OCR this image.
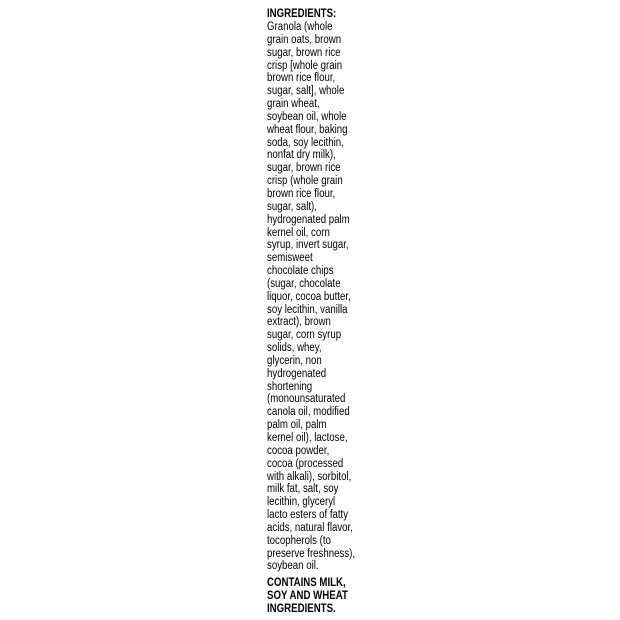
INGREDIENTS:
Granola (whole
grain oats, brown
sugar, brown rice
crisp [whole grain
brown rice flour,
sugar, salt], whole
grain wheat,
soybean oil, whole
wheat flour, baking
soda, soy lecithin,
nonfat dry milk),
sugar, brown rice
crisp (whole grain
brown rice flour,
sugar, salt),
hydrogenated palm
kernel oil, corn
syrup, invert sugar,
semisweet
chocolate chips
(sugar, chocolate
liquor, cocoa butter,
soy lecithin, vanilla
extract), brown
sugar, corn syrup
solids, whey,
glycerin, non
hydrogenated
shortening
(monounsaturated
canola oil, modified
palm oil, palm
kernel oil), lactose,
cocoa powder,
cocoa (processed
with alkali), sorbitol,
milk fat, salt, soy
lecithin, glyceryl
lacto esters of fatty
acids, natural flavor,
tocopherols (to
preserve freshness),
soybean oil.
CONTAINS MILK,
SOY AND WHEAT
INGREDIENTS.
